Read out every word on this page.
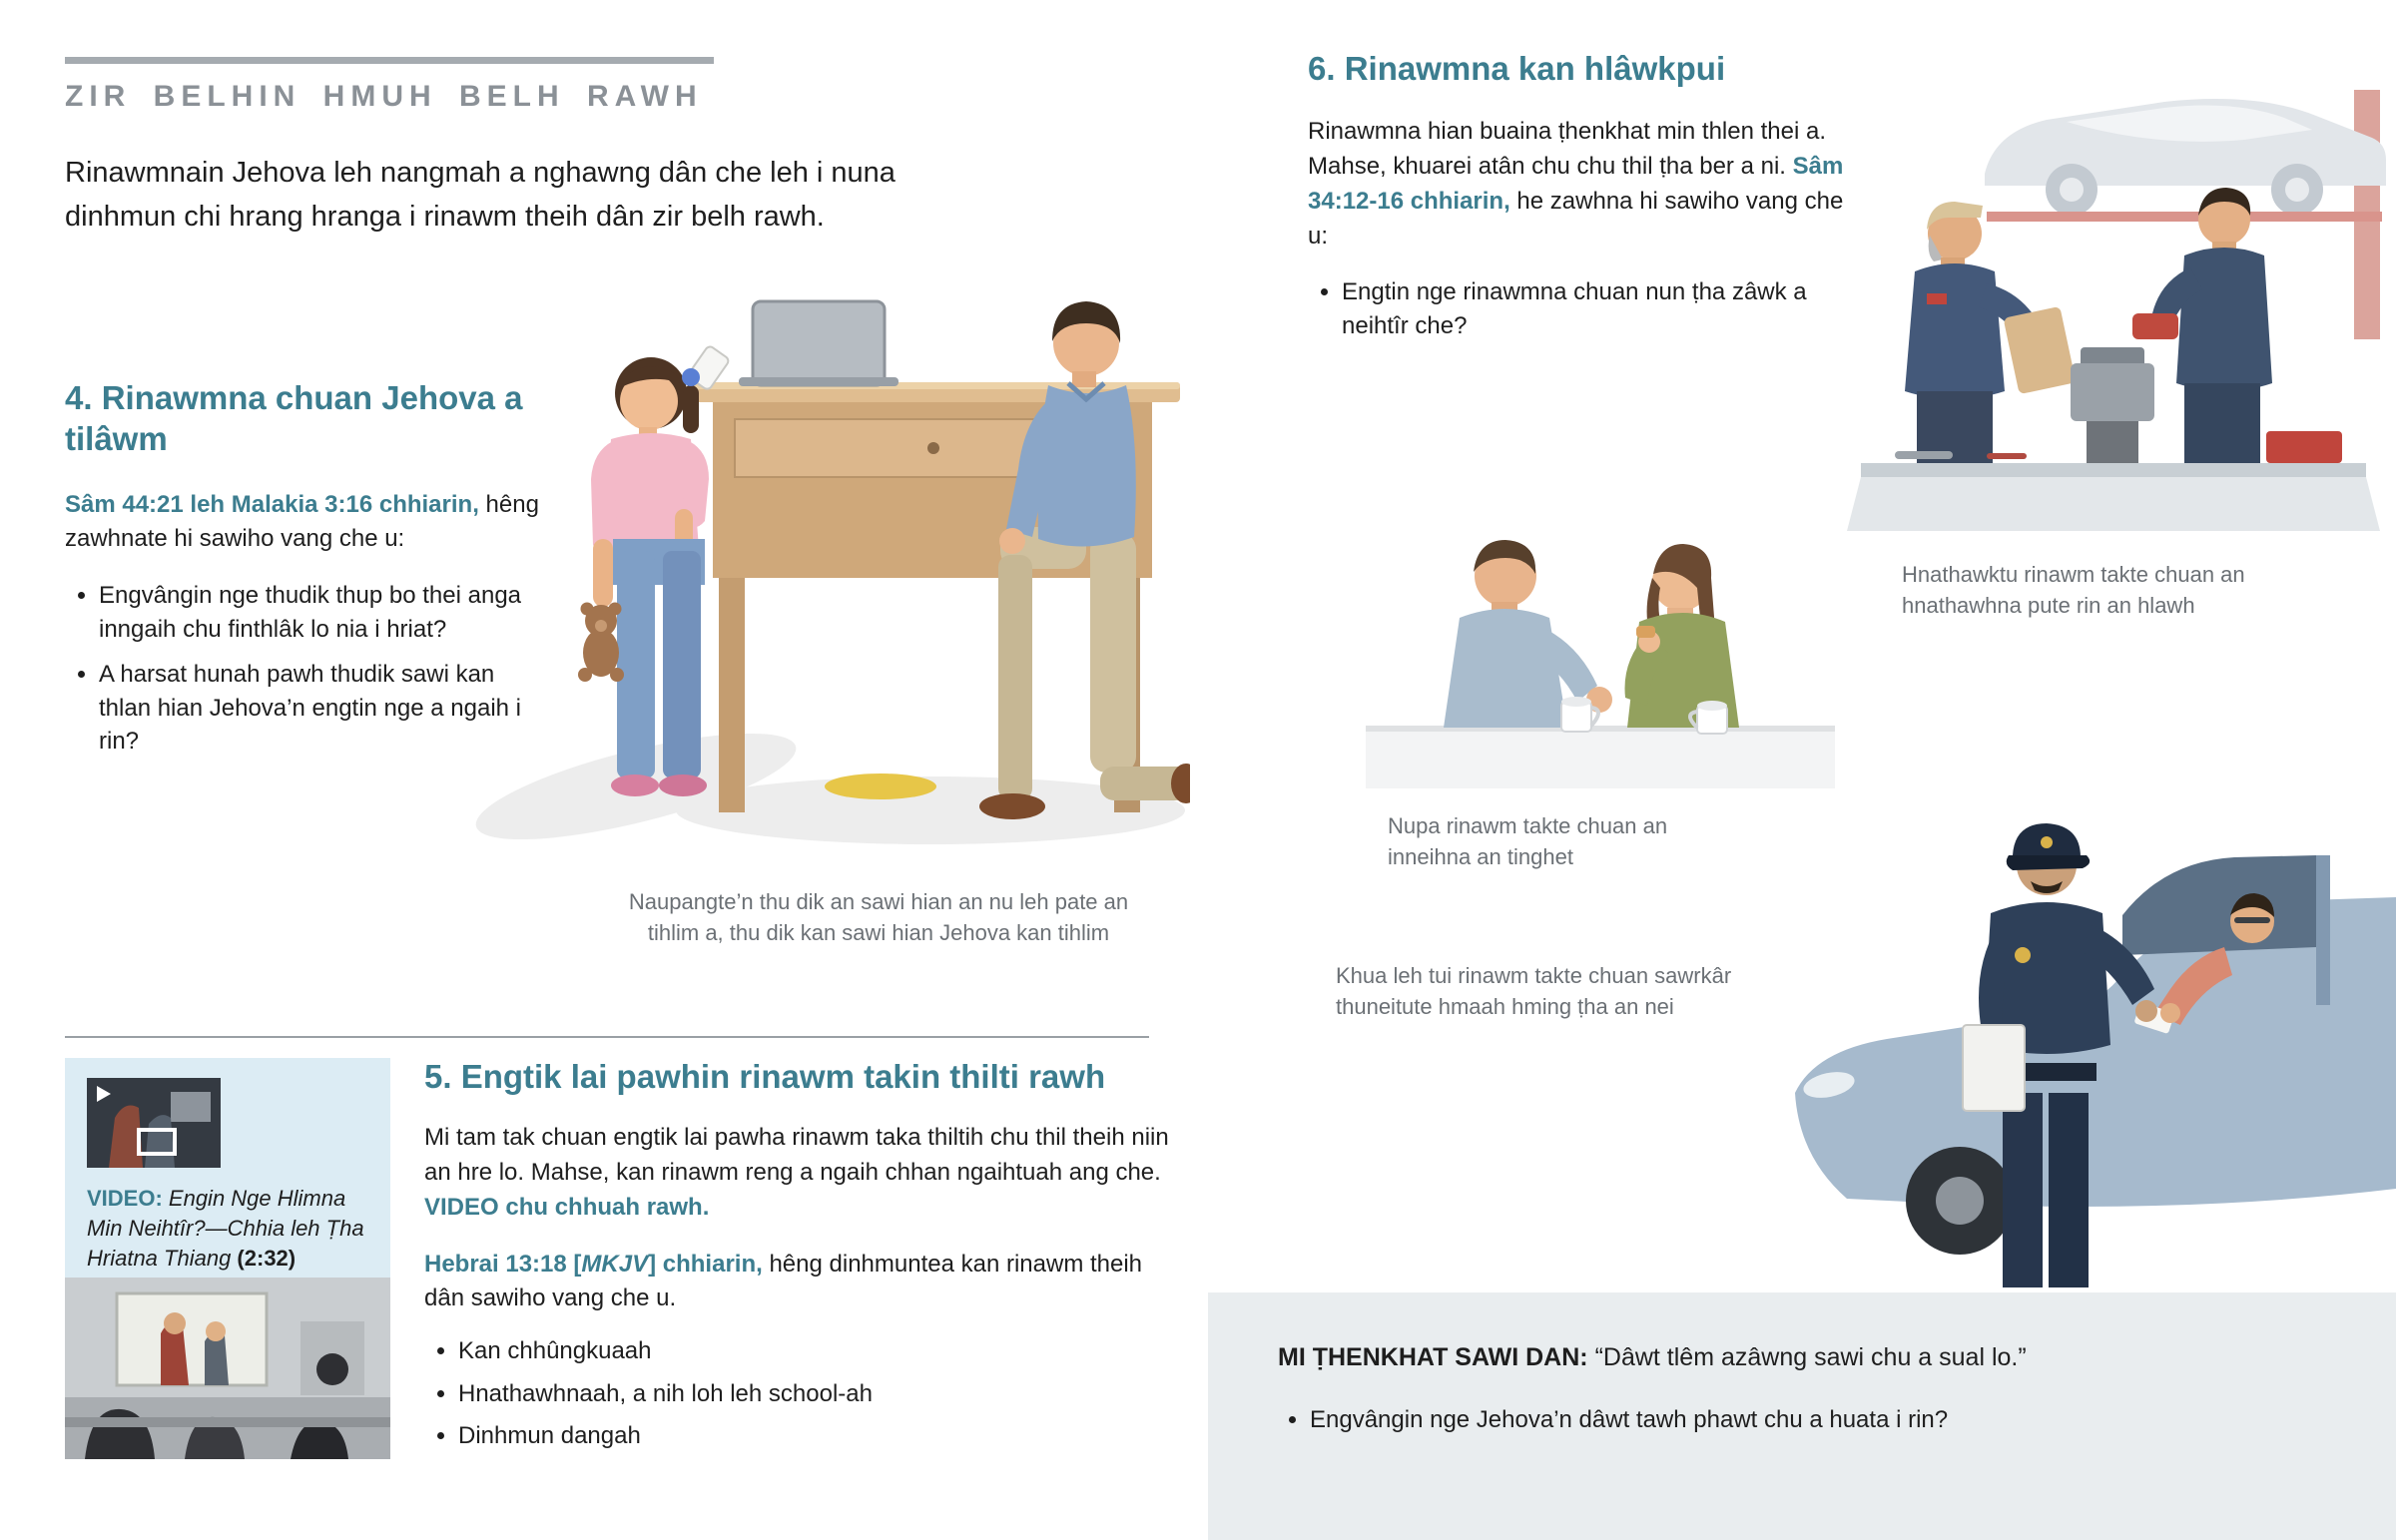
ZIR BELHIN HMUH BELH RAWH

Rinawmnain Jehova leh nangmah a nghawng dân che leh i nuna dinhmun chi hrang hranga i rinawm theih dân zir belh rawh.

4. Rinawmna chuan Jehova a tilâwm

Sâm 44:21 leh Malakia 3:16 chhiarin, hêng zawhnate hi sawiho vang che u:

• Engvângin nge thudik thup bo thei anga inngaih chu finthlâk lo nia i hriat?
• A harsat hunah pawh thudik sawi kan thlan hian Jehova’n engtin nge a ngaih i rin?
Naupangte’n thu dik an sawi hian an nu leh pate an tihlim a, thu dik kan sawi hian Jehova kan tihlim

VIDEO: Engin Nge Hlimna Min Neihtîr?—Chhia leh Ṭha Hriatna Thiang (2:32)

5. Engtik lai pawhin rinawm takin thilti rawh

Mi tam tak chuan engtik lai pawha rinawm taka thiltih chu thil theih niin an hre lo. Mahse, kan rinawm reng a ngaih chhan ngaihtuah ang che. VIDEO chu chhuah rawh.

Hebrai 13:18 [MKJV] chhiarin, hêng dinhmuntea kan rinawm theih dân sawiho vang che u.

• Kan chhûngkuaah
• Hnathawhnaah, a nih loh leh school-ah
• Dinhmun dangah
6. Rinawmna kan hlâwkpui

Rinawmna hian buaina ṭhenkhat min thlen thei a. Mahse, khuarei atân chu chu thil ṭha ber a ni. Sâm 34:12-16 chhiarin, he zawhna hi sawiho vang che u:

• Engtin nge rinawmna chuan nun ṭha zâwk a neihtîr che?
Hnathawktu rinawm takte chuan an hnathawhna pute rin an hlawh
Nupa rinawm takte chuan an inneihna an tinghet
Khua leh tui rinawm takte chuan sawrkâr thuneitute hmaah hming ṭha an nei

MI ṬHENKHAT SAWI DAN: “Dâwt tlêm azâwng sawi chu a sual lo.”

• Engvângin nge Jehova’n dâwt tawh phawt chu a huata i rin?
